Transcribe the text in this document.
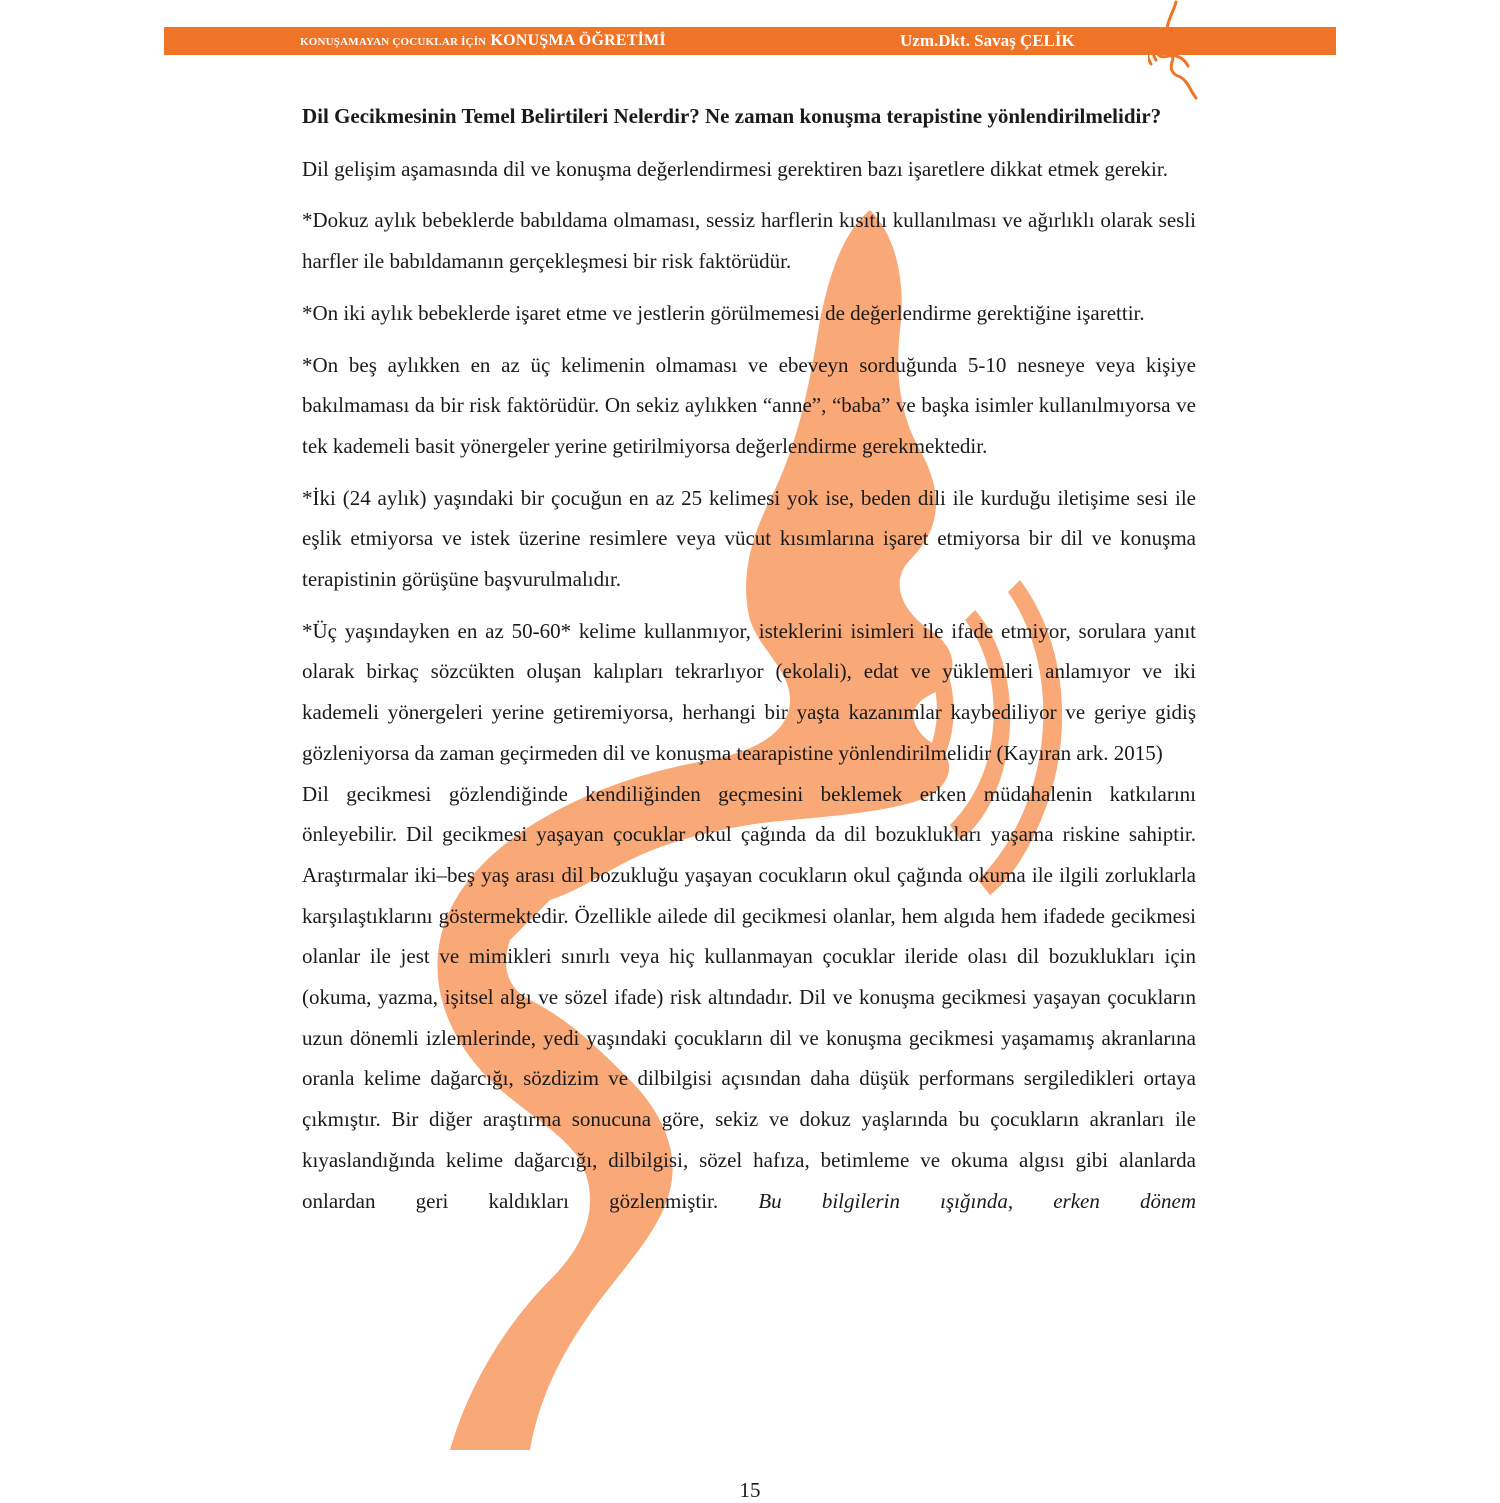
KONUŞAMAYAN ÇOCUKLAR İÇİN KONUŞMA ÖĞRETİMİ	Uzm.Dkt. Savaş ÇELİK

Dil Gecikmesinin Temel Belirtileri Nelerdir? Ne zaman konuşma terapistine yönlendirilmelidir?

Dil gelişim aşamasında dil ve konuşma değerlendirmesi gerektiren bazı işaretlere dikkat etmek gerekir.

*Dokuz aylık bebeklerde babıldama olmaması, sessiz harflerin kısıtlı kullanılması ve ağırlıklı olarak sesli harfler ile babıldamanın gerçekleşmesi bir risk faktörüdür.

*On iki aylık bebeklerde işaret etme ve jestlerin görülmemesi de değerlendirme gerektiğine işarettir.

*On beş aylıkken en az üç kelimenin olmaması ve ebeveyn sorduğunda 5-10 nesneye veya kişiye bakılmaması da bir risk faktörüdür. On sekiz aylıkken “anne”, “baba” ve başka isimler kullanılmıyorsa ve tek kademeli basit yönergeler yerine getirilmiyorsa değerlendirme gerekmektedir.

*İki (24 aylık) yaşındaki bir çocuğun en az 25 kelimesi yok ise, beden dili ile kurduğu iletişime sesi ile eşlik etmiyorsa ve istek üzerine resimlere veya vücut kısımlarına işaret etmiyorsa bir dil ve konuşma terapistinin görüşüne başvurulmalıdır.

*Üç yaşındayken en az 50-60* kelime kullanmıyor, isteklerini isimleri ile ifade etmiyor, sorulara yanıt olarak birkaç sözcükten oluşan kalıpları tekrarlıyor (ekolali), edat ve yüklemleri anlamıyor ve iki kademeli yönergeleri yerine getiremiyorsa, herhangi bir yaşta kazanımlar kaybediliyor ve geriye gidiş gözleniyorsa da zaman geçirmeden dil ve konuşma tearapistine yönlendirilmelidir (Kayıran ark. 2015)

Dil gecikmesi gözlendiğinde kendiliğinden geçmesini beklemek erken müdahalenin katkılarını önleyebilir. Dil gecikmesi yaşayan çocuklar okul çağında da dil bozuklukları yaşama riskine sahiptir. Araştırmalar iki–beş yaş arası dil bozukluğu yaşayan cocukların okul çağında okuma ile ilgili zorluklarla karşılaştıklarını göstermektedir. Özellikle ailede dil gecikmesi olanlar, hem algıda hem ifadede gecikmesi olanlar ile jest ve mimikleri sınırlı veya hiç kullanmayan çocuklar ileride olası dil bozuklukları için (okuma, yazma, işitsel algı ve sözel ifade) risk altındadır. Dil ve konuşma gecikmesi yaşayan çocukların uzun dönemli izlemlerinde, yedi yaşındaki çocukların dil ve konuşma gecikmesi yaşamamış akranlarına oranla kelime dağarcığı, sözdizim ve dilbilgisi açısından daha düşük performans sergiledikleri ortaya çıkmıştır. Bir diğer araştırma sonucuna göre, sekiz ve dokuz yaşlarında bu çocukların akranları ile kıyaslandığında kelime dağarcığı, dilbilgisi, sözel hafıza, betimleme ve okuma algısı gibi alanlarda onlardan geri kaldıkları gözlenmiştir. Bu bilgilerin ışığında, erken dönem

15
